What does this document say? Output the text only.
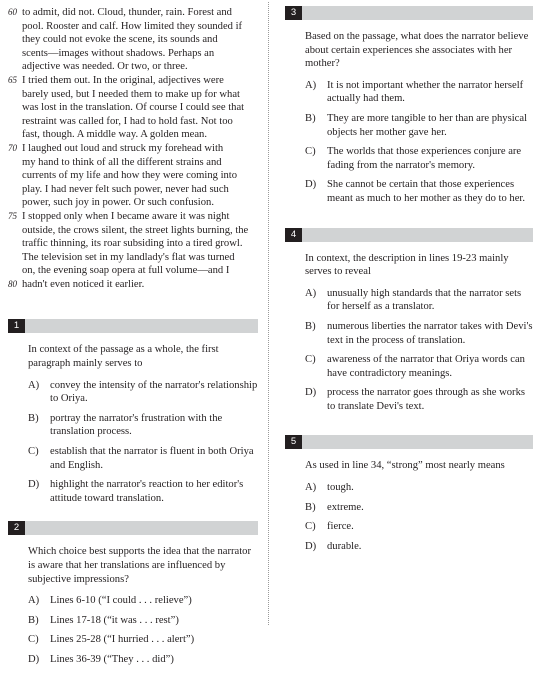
60 to admit, did not. Cloud, thunder, rain. Forest and
pool. Rooster and calf. How limited they sounded if
they could not evoke the scene, its sounds and
scents—images without shadows. Perhaps an
adjective was needed. Or two, or three.
65 I tried them out. In the original, adjectives were
barely used, but I needed them to make up for what
was lost in the translation. Of course I could see that
restraint was called for, I had to hold fast. Not too
fast, though. A middle way. A golden mean.
70 I laughed out loud and struck my forehead with
my hand to think of all the different strains and
currents of my life and how they were coming into
play. I had never felt such power, never had such
power, such joy in power. Or such confusion.
75 I stopped only when I became aware it was night
outside, the crows silent, the street lights burning, the
traffic thinning, its roar subsiding into a tired growl.
The television set in my landlady's flat was turned
on, the evening soap opera at full volume—and I
80 hadn't even noticed it earlier.
1
In context of the passage as a whole, the first paragraph mainly serves to
A) convey the intensity of the narrator's relationship to Oriya.
B) portray the narrator's frustration with the translation process.
C) establish that the narrator is fluent in both Oriya and English.
D) highlight the narrator's reaction to her editor's attitude toward translation.
2
Which choice best supports the idea that the narrator is aware that her translations are influenced by subjective impressions?
A) Lines 6-10 (“I could . . . relieve”)
B) Lines 17-18 (“it was . . . rest”)
C) Lines 25-28 (“I hurried . . . alert”)
D) Lines 36-39 (“They . . . did”)
3
Based on the passage, what does the narrator believe about certain experiences she associates with her mother?
A) It is not important whether the narrator herself actually had them.
B) They are more tangible to her than are physical objects her mother gave her.
C) The worlds that those experiences conjure are fading from the narrator's memory.
D) She cannot be certain that those experiences meant as much to her mother as they do to her.
4
In context, the description in lines 19-23 mainly serves to reveal
A) unusually high standards that the narrator sets for herself as a translator.
B) numerous liberties the narrator takes with Devi's text in the process of translation.
C) awareness of the narrator that Oriya words can have contradictory meanings.
D) process the narrator goes through as she works to translate Devi's text.
5
As used in line 34, “strong” most nearly means
A) tough.
B) extreme.
C) fierce.
D) durable.
